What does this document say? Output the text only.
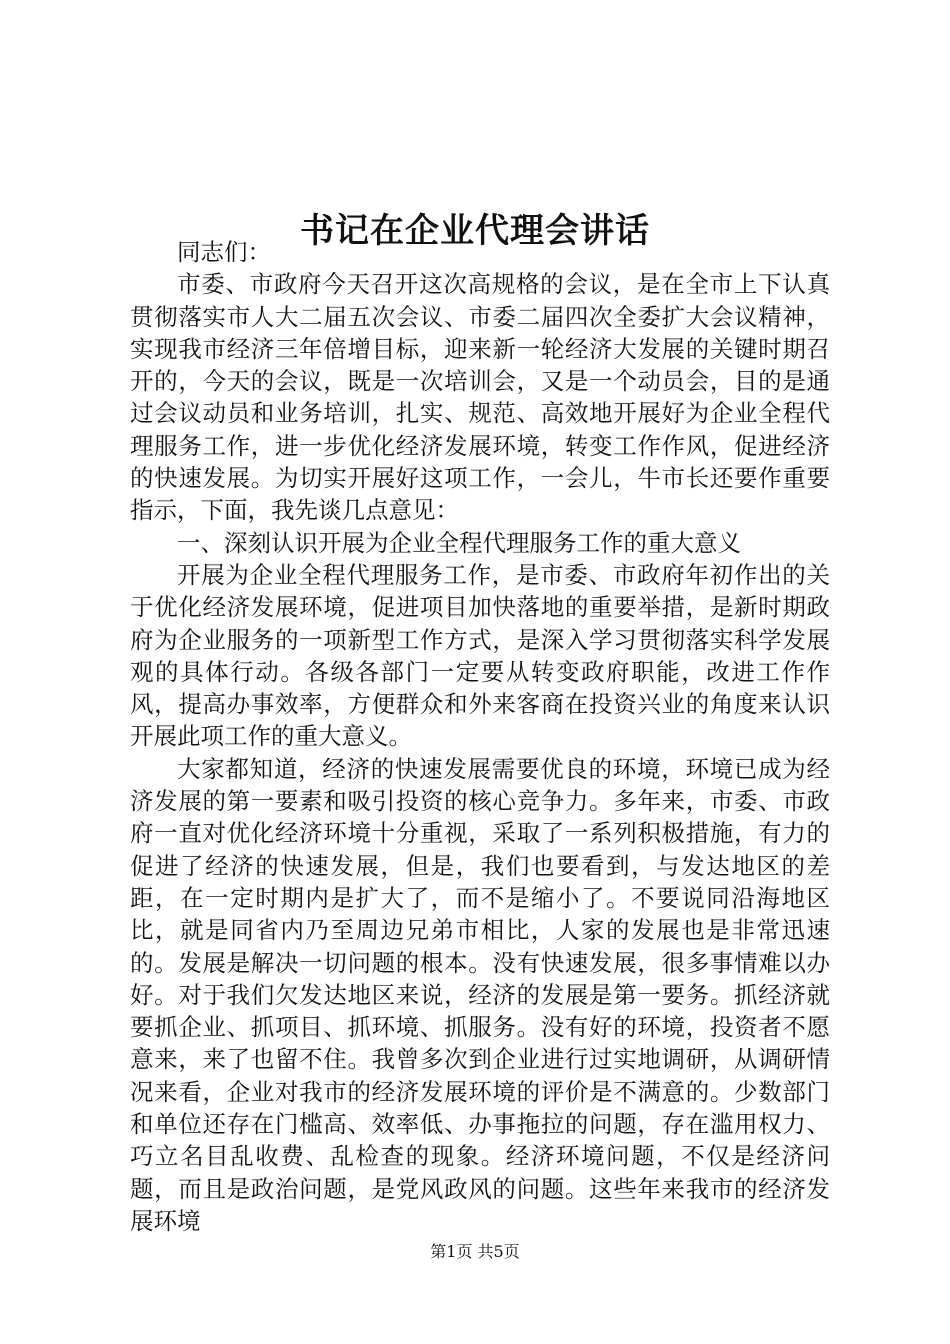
书记在企业代理会讲话

同志们：

市委、市政府今天召开这次高规格的会议，是在全市上下认真贯彻落实市人大二届五次会议、市委二届四次全委扩大会议精神，实现我市经济三年倍增目标，迎来新一轮经济大发展的关键时期召开的，今天的会议，既是一次培训会，又是一个动员会，目的是通过会议动员和业务培训，扎实、规范、高效地开展好为企业全程代理服务工作，进一步优化经济发展环境，转变工作作风，促进经济的快速发展。为切实开展好这项工作，一会儿，牛市长还要作重要指示，下面，我先谈几点意见：

一、深刻认识开展为企业全程代理服务工作的重大意义

开展为企业全程代理服务工作，是市委、市政府年初作出的关于优化经济发展环境，促进项目加快落地的重要举措，是新时期政府为企业服务的一项新型工作方式，是深入学习贯彻落实科学发展观的具体行动。各级各部门一定要从转变政府职能，改进工作作风，提高办事效率，方便群众和外来客商在投资兴业的角度来认识开展此项工作的重大意义。

大家都知道，经济的快速发展需要优良的环境，环境已成为经济发展的第一要素和吸引投资的核心竞争力。多年来，市委、市政府一直对优化经济环境十分重视，采取了一系列积极措施，有力的促进了经济的快速发展，但是，我们也要看到，与发达地区的差距，在一定时期内是扩大了，而不是缩小了。不要说同沿海地区比，就是同省内乃至周边兄弟市相比，人家的发展也是非常迅速的。发展是解决一切问题的根本。没有快速发展，很多事情难以办好。对于我们欠发达地区来说，经济的发展是第一要务。抓经济就要抓企业、抓项目、抓环境、抓服务。没有好的环境，投资者不愿意来，来了也留不住。我曾多次到企业进行过实地调研，从调研情况来看，企业对我市的经济发展环境的评价是不满意的。少数部门和单位还存在门槛高、效率低、办事拖拉的问题，存在滥用权力、巧立名目乱收费、乱检查的现象。经济环境问题，不仅是经济问题，而且是政治问题，是党风政风的问题。这些年来我市的经济发展环境

第1页 共5页
